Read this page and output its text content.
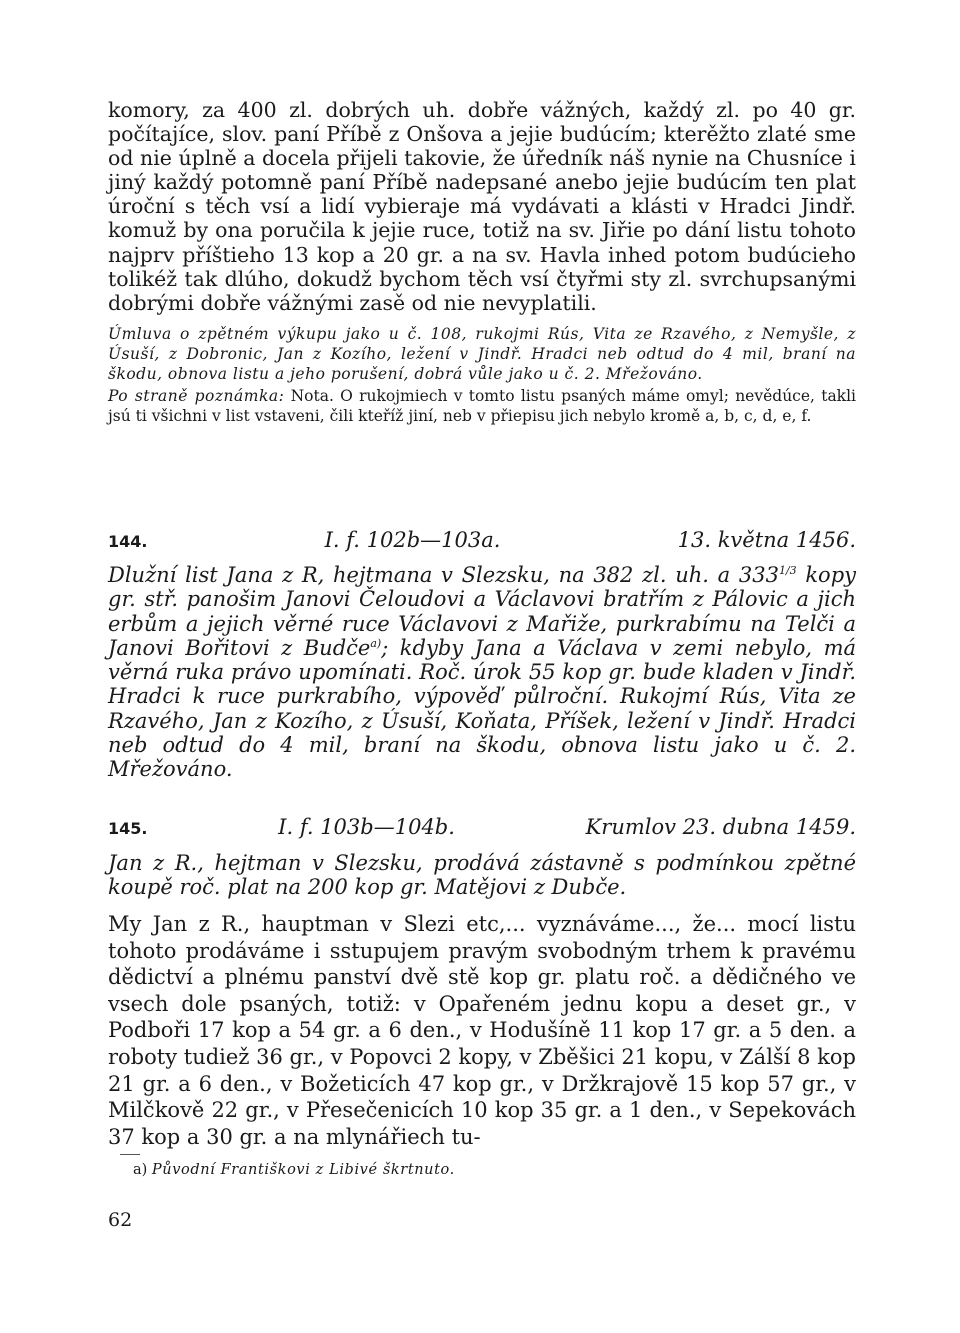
komory, za 400 zl. dobrých uh. dobře vážných, každý zl. po 40 gr. počítajíce, slov. paní Příbě z Onšova a jejie budúcím; kterěžto zlaté sme od nie úplně a docela přijeli takovie, že úředník náš nynie na Chusníce i jiný každý potomně paní Příbě nadepsané anebo jejie budúcím ten plat úroční s těch vsí a lidí vybieraje má vydávati a klásti v Hradci Jindř. komuž by ona poručila k jejie ruce, totiž na sv. Jiřie po dání listu tohoto najprv příštieho 13 kop a 20 gr. a na sv. Havla inhed potom budúcieho tolikéž tak dlúho, dokudž bychom těch vsí čtyřmi sty zl. svrchupsanými dobrými dobře vážnými zasě od nie nevyplatili.

Úmluva o zpětném výkupu jako u č. 108, rukojmi Rús, Vita ze Rzavého, z Nemyšle, z Úsuší, z Dobronic, Jan z Kozího, ležení v Jindř. Hradci neb odtud do 4 mil, braní na škodu, obnova listu a jeho porušení, dobrá vůle jako u č. 2. Mřežováno.

Po straně poznámka: Nota. O rukojmiech v tomto listu psaných máme omyl; nevědúce, takli jsú ti všichni v list vstaveni, čili kteříž jiní, neb v přiepisu jich nebylo kromě a, b, c, d, e, f.

144.	I. f. 102b—103a.	13. května 1456.

Dlužní list Jana z R, hejtmana v Slezsku, na 382 zl. uh. a $333^{1/3}$ kopy gr. stř. panošim Janovi Čeloudovi a Václavovi bratřím z Pálovic a jich erbům a jejich věrné ruce Václavovi z Mařiže, purkrabímu na Telči a Janovi Bořitovi z Budče$^{a)}$; kdyby Jana a Václava v zemi nebylo, má věrná ruka právo upomínati. Roč. úrok 55 kop gr. bude kladen v Jindř. Hradci k ruce purkrabího, výpověď půlroční. Rukojmí Rús, Vita ze Rzavého, Jan z Kozího, z Úsuší, Koňata, Příšek, ležení v Jindř. Hradci neb odtud do 4 mil, braní na škodu, obnova listu jako u č. 2. Mřežováno.

145.	I. f. 103b—104b.	Krumlov 23. dubna 1459.

Jan z R., hejtman v Slezsku, prodává zástavně s podmínkou zpětné koupě roč. plat na 200 kop gr. Matějovi z Dubče.

My Jan z R., hauptman v Slezi etc,... vyznáváme..., že... mocí listu tohoto prodáváme i sstupujem pravým svobodným trhem k pravému dědictví a plnému panství dvě stě kop gr. platu roč. a dědičného ve vsech dole psaných, totiž: v Opařeném jednu kopu a deset gr., v Podboři 17 kop a 54 gr. a 6 den., v Hodušíně 11 kop 17 gr. a 5 den. a roboty tudiež 36 gr., v Popovci 2 kopy, v Zběšici 21 kopu, v Zálší 8 kop 21 gr. a 6 den., v Božeticích 47 kop gr., v Držkrajově 15 kop 57 gr., v Milčkově 22 gr., v Přesečenicích 10 kop 35 gr. a 1 den., v Sepekovách 37 kop a 30 gr. a na mlynářiech tu-

a) Původní Františkovi z Libivé škrtnuto.
62
